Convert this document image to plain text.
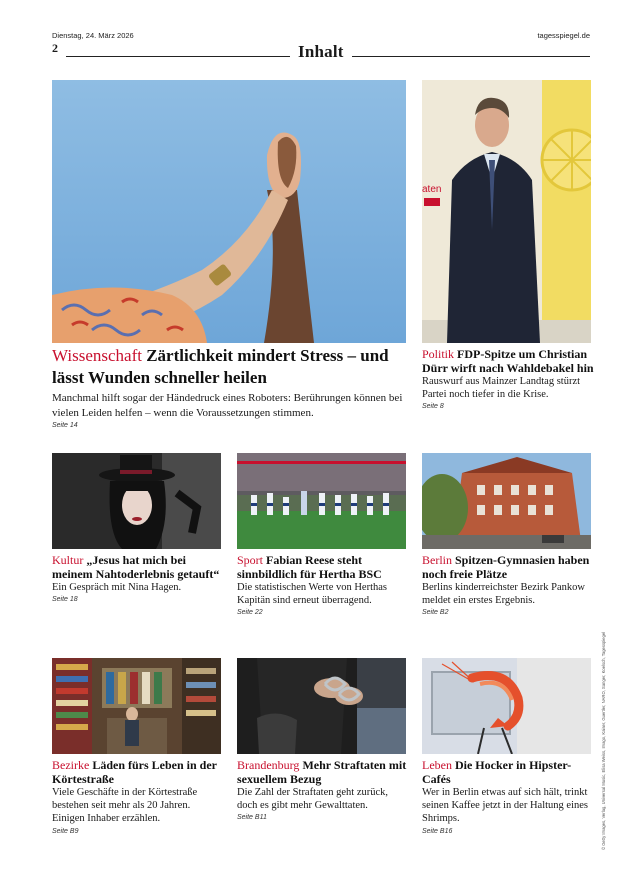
Dienstag, 24. März 2026	tagesspiegel.de
2	Inhalt
Wissenschaft Zärtlichkeit mindert Stress – und lässt Wunden schneller heilen
Manchmal hilft sogar der Händedruck eines Roboters: Berührungen können bei vielen Leiden helfen – wenn die Voraussetzungen stimmen.
Seite 14
aten
Politik FDP-Spitze um Christian Dürr wirft nach Wahldebakel hin
Rauswurf aus Mainzer Landtag stürzt Partei noch tiefer in die Krise.
Seite 8
Kultur „Jesus hat mich bei meinem Nahtoderlebnis getauft“
Ein Gespräch mit Nina Hagen.
Seite 18
Sport Fabian Reese steht sinnbildlich für Hertha BSC
Die statistischen Werte von Herthas Kapitän sind erneut überragend.
Seite 22
Berlin Spitzen-Gymnasien haben noch freie Plätze
Berlins kinderreichster Bezirk Pankow meldet ein erstes Ergebnis.
Seite B2
Bezirke Läden fürs Leben in der Körtestraße
Viele Geschäfte in der Körtestraße bestehen seit mehr als 20 Jahren. Einigen Inhaber erzählen.
Seite B9
Brandenburg Mehr Straftaten mit sexuellem Bezug
Die Zahl der Straftaten geht zurück, doch es gibt mehr Gewalttaten.
Seite B11
Leben Die Hocker in Hipster-Cafés
Wer in Berlin etwas auf sich hält, trinkt seinen Kaffee jetzt in der Haltung eines Shrimps.
Seite B16	© Getty Images, Verlag, Universal Music, Elisa Weiss, Imago, Kaiser, Guertler, NARO, Sanger, Koelsch, Tagesspiegel
